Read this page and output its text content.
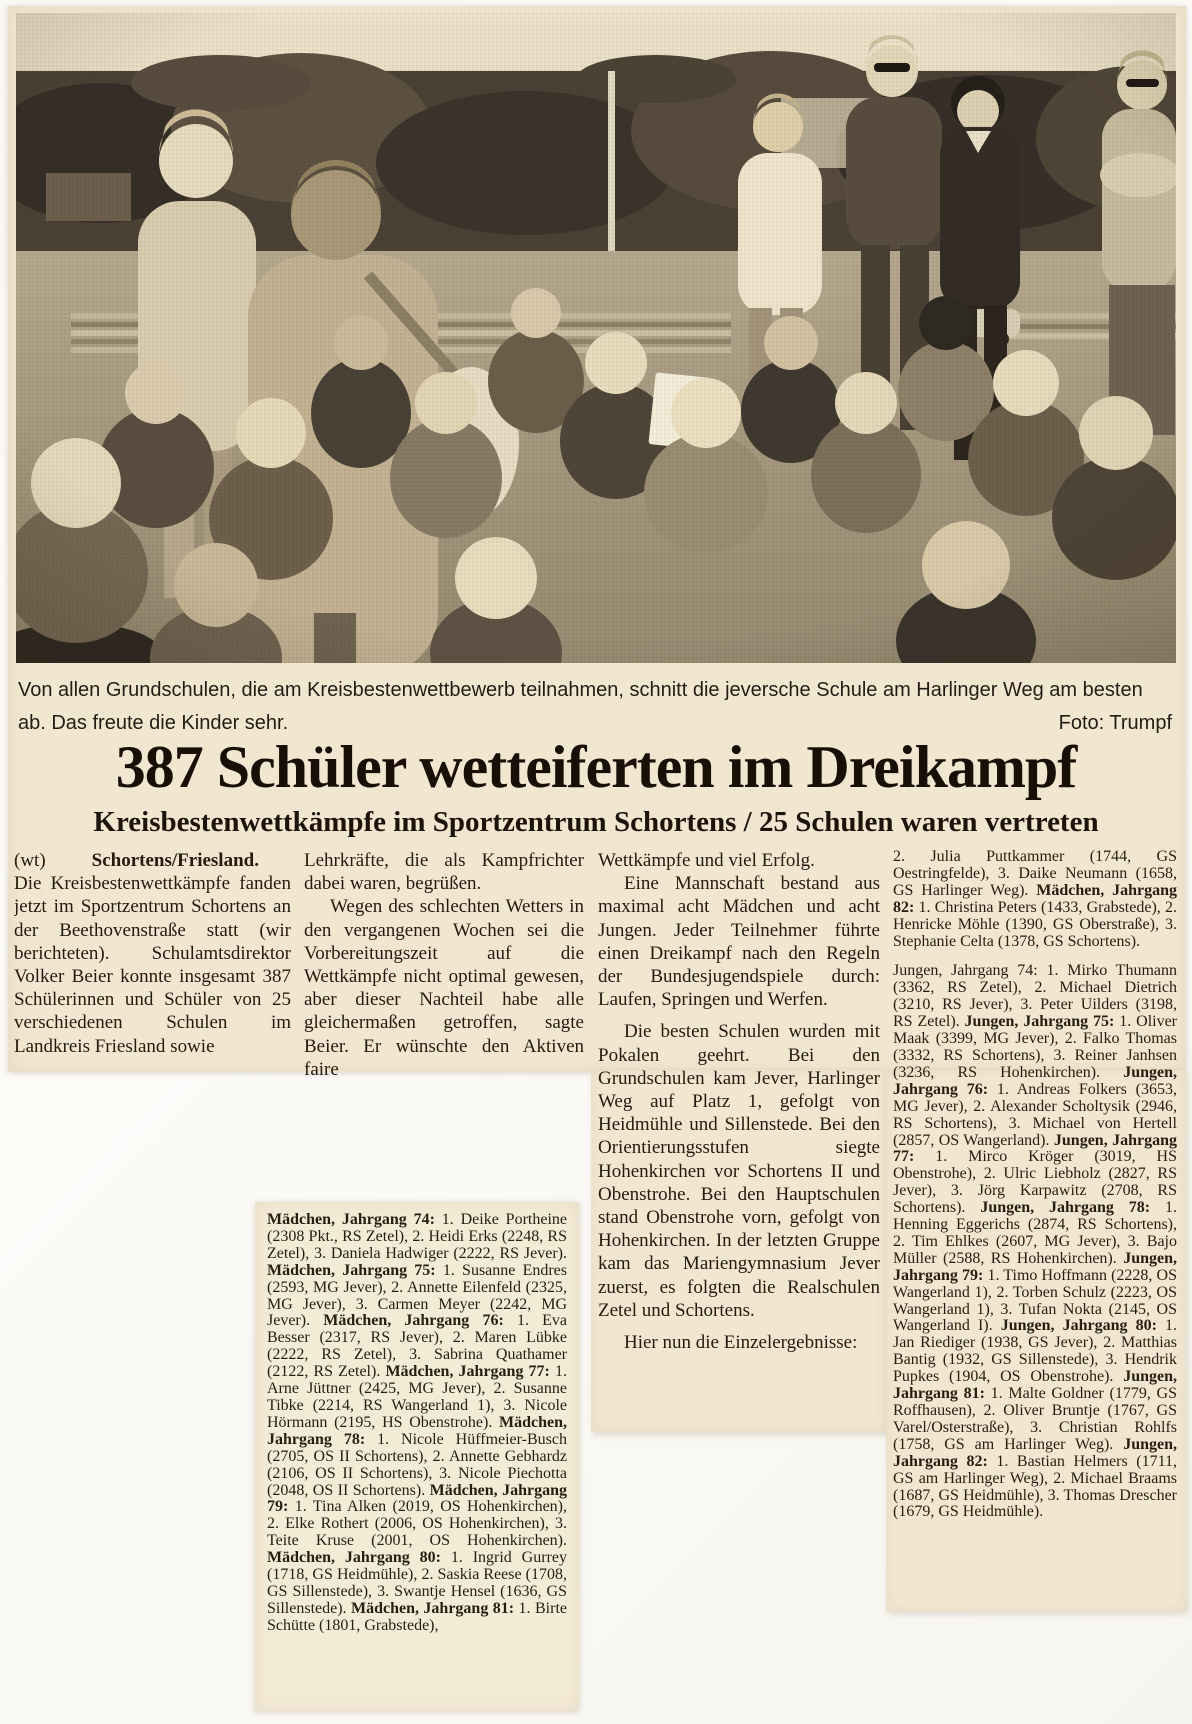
Von allen Grundschulen, die am Kreisbestenwettbewerb teilnahmen, schnitt die jeversche Schule am Harlinger Weg am besten ab. Das freute die Kinder sehr.	Foto: Trumpf
387 Schüler wetteiferten im Dreikampf
Kreisbestenwettkämpfe im Sportzentrum Schortens / 25 Schulen waren vertreten

(wt) Schortens/Friesland. Die Kreisbestenwettkämpfe fanden jetzt im Sportzentrum Schortens an der Beethovenstraße statt (wir berichteten). Schulamtsdirektor Volker Beier konnte insgesamt 387 Schülerinnen und Schüler von 25 verschiedenen Schulen im Landkreis Friesland sowie

Lehrkräfte, die als Kampfrichter dabei waren, begrüßen.

Wegen des schlechten Wetters in den vergangenen Wochen sei die Vorbereitungszeit auf die Wettkämpfe nicht optimal gewesen, aber dieser Nachteil habe alle gleichermaßen getroffen, sagte Beier. Er wünschte den Aktiven faire

Wettkämpfe und viel Erfolg.

Eine Mannschaft bestand aus maximal acht Mädchen und acht Jungen. Jeder Teilnehmer führte einen Dreikampf nach den Regeln der Bundesjugendspiele durch: Laufen, Springen und Werfen.

Die besten Schulen wurden mit Pokalen geehrt. Bei den Grundschulen kam Jever, Harlinger Weg auf Platz 1, gefolgt von Heidmühle und Sillenstede. Bei den Orientierungsstufen siegte Hohenkirchen vor Schortens II und Obenstrohe. Bei den Hauptschulen stand Obenstrohe vorn, gefolgt von Hohenkirchen. In der letzten Gruppe kam das Mariengymnasium Jever zuerst, es folgten die Realschulen Zetel und Schortens.

Hier nun die Einzelergebnisse:

2. Julia Puttkammer (1744, GS Oestringfelde), 3. Daike Neumann (1658, GS Harlinger Weg). Mädchen, Jahrgang 82: 1. Christina Peters (1433, Grabstede), 2. Henricke Möhle (1390, GS Oberstraße), 3. Stephanie Celta (1378, GS Schortens).

Jungen, Jahrgang 74: 1. Mirko Thumann (3362, RS Zetel), 2. Michael Dietrich (3210, RS Jever), 3. Peter Uilders (3198, RS Zetel). Jungen, Jahrgang 75: 1. Oliver Maak (3399, MG Jever), 2. Falko Thomas (3332, RS Schortens), 3. Reiner Janhsen (3236, RS Hohenkirchen). Jungen, Jahrgang 76: 1. Andreas Folkers (3653, MG Jever), 2. Alexander Scholtysik (2946, RS Schortens), 3. Michael von Hertell (2857, OS Wangerland). Jungen, Jahrgang 77: 1. Mirco Kröger (3019, HS Obenstrohe), 2. Ulric Liebholz (2827, RS Jever), 3. Jörg Karpawitz (2708, RS Schortens). Jungen, Jahrgang 78: 1. Henning Eggerichs (2874, RS Schortens), 2. Tim Ehlkes (2607, MG Jever), 3. Bajo Müller (2588, RS Hohenkirchen). Jungen, Jahrgang 79: 1. Timo Hoffmann (2228, OS Wangerland 1), 2. Torben Schulz (2223, OS Wangerland 1), 3. Tufan Nokta (2145, OS Wangerland I). Jungen, Jahrgang 80: 1. Jan Riediger (1938, GS Jever), 2. Matthias Bantig (1932, GS Sillenstede), 3. Hendrik Pupkes (1904, OS Obenstrohe). Jungen, Jahrgang 81: 1. Malte Goldner (1779, GS Roffhausen), 2. Oliver Bruntje (1767, GS Varel/Osterstraße), 3. Christian Rohlfs (1758, GS am Harlinger Weg). Jungen, Jahrgang 82: 1. Bastian Helmers (1711, GS am Harlinger Weg), 2. Michael Braams (1687, GS Heidmühle), 3. Thomas Drescher (1679, GS Heidmühle).

Mädchen, Jahrgang 74: 1. Deike Portheine (2308 Pkt., RS Zetel), 2. Heidi Erks (2248, RS Zetel), 3. Daniela Hadwiger (2222, RS Jever). Mädchen, Jahrgang 75: 1. Susanne Endres (2593, MG Jever), 2. Annette Eilenfeld (2325, MG Jever), 3. Carmen Meyer (2242, MG Jever). Mädchen, Jahrgang 76: 1. Eva Besser (2317, RS Jever), 2. Maren Lübke (2222, RS Zetel), 3. Sabrina Quathamer (2122, RS Zetel). Mädchen, Jahrgang 77: 1. Arne Jüttner (2425, MG Jever), 2. Susanne Tibke (2214, RS Wangerland 1), 3. Nicole Hörmann (2195, HS Obenstrohe). Mädchen, Jahrgang 78: 1. Nicole Hüffmeier-Busch (2705, OS II Schortens), 2. Annette Gebhardz (2106, OS II Schortens), 3. Nicole Piechotta (2048, OS II Schortens). Mädchen, Jahrgang 79: 1. Tina Alken (2019, OS Hohenkirchen), 2. Elke Rothert (2006, OS Hohenkirchen), 3. Teite Kruse (2001, OS Hohenkirchen). Mädchen, Jahrgang 80: 1. Ingrid Gurrey (1718, GS Heidmühle), 2. Saskia Reese (1708, GS Sillenstede), 3. Swantje Hensel (1636, GS Sillenstede). Mädchen, Jahrgang 81: 1. Birte Schütte (1801, Grabstede),
